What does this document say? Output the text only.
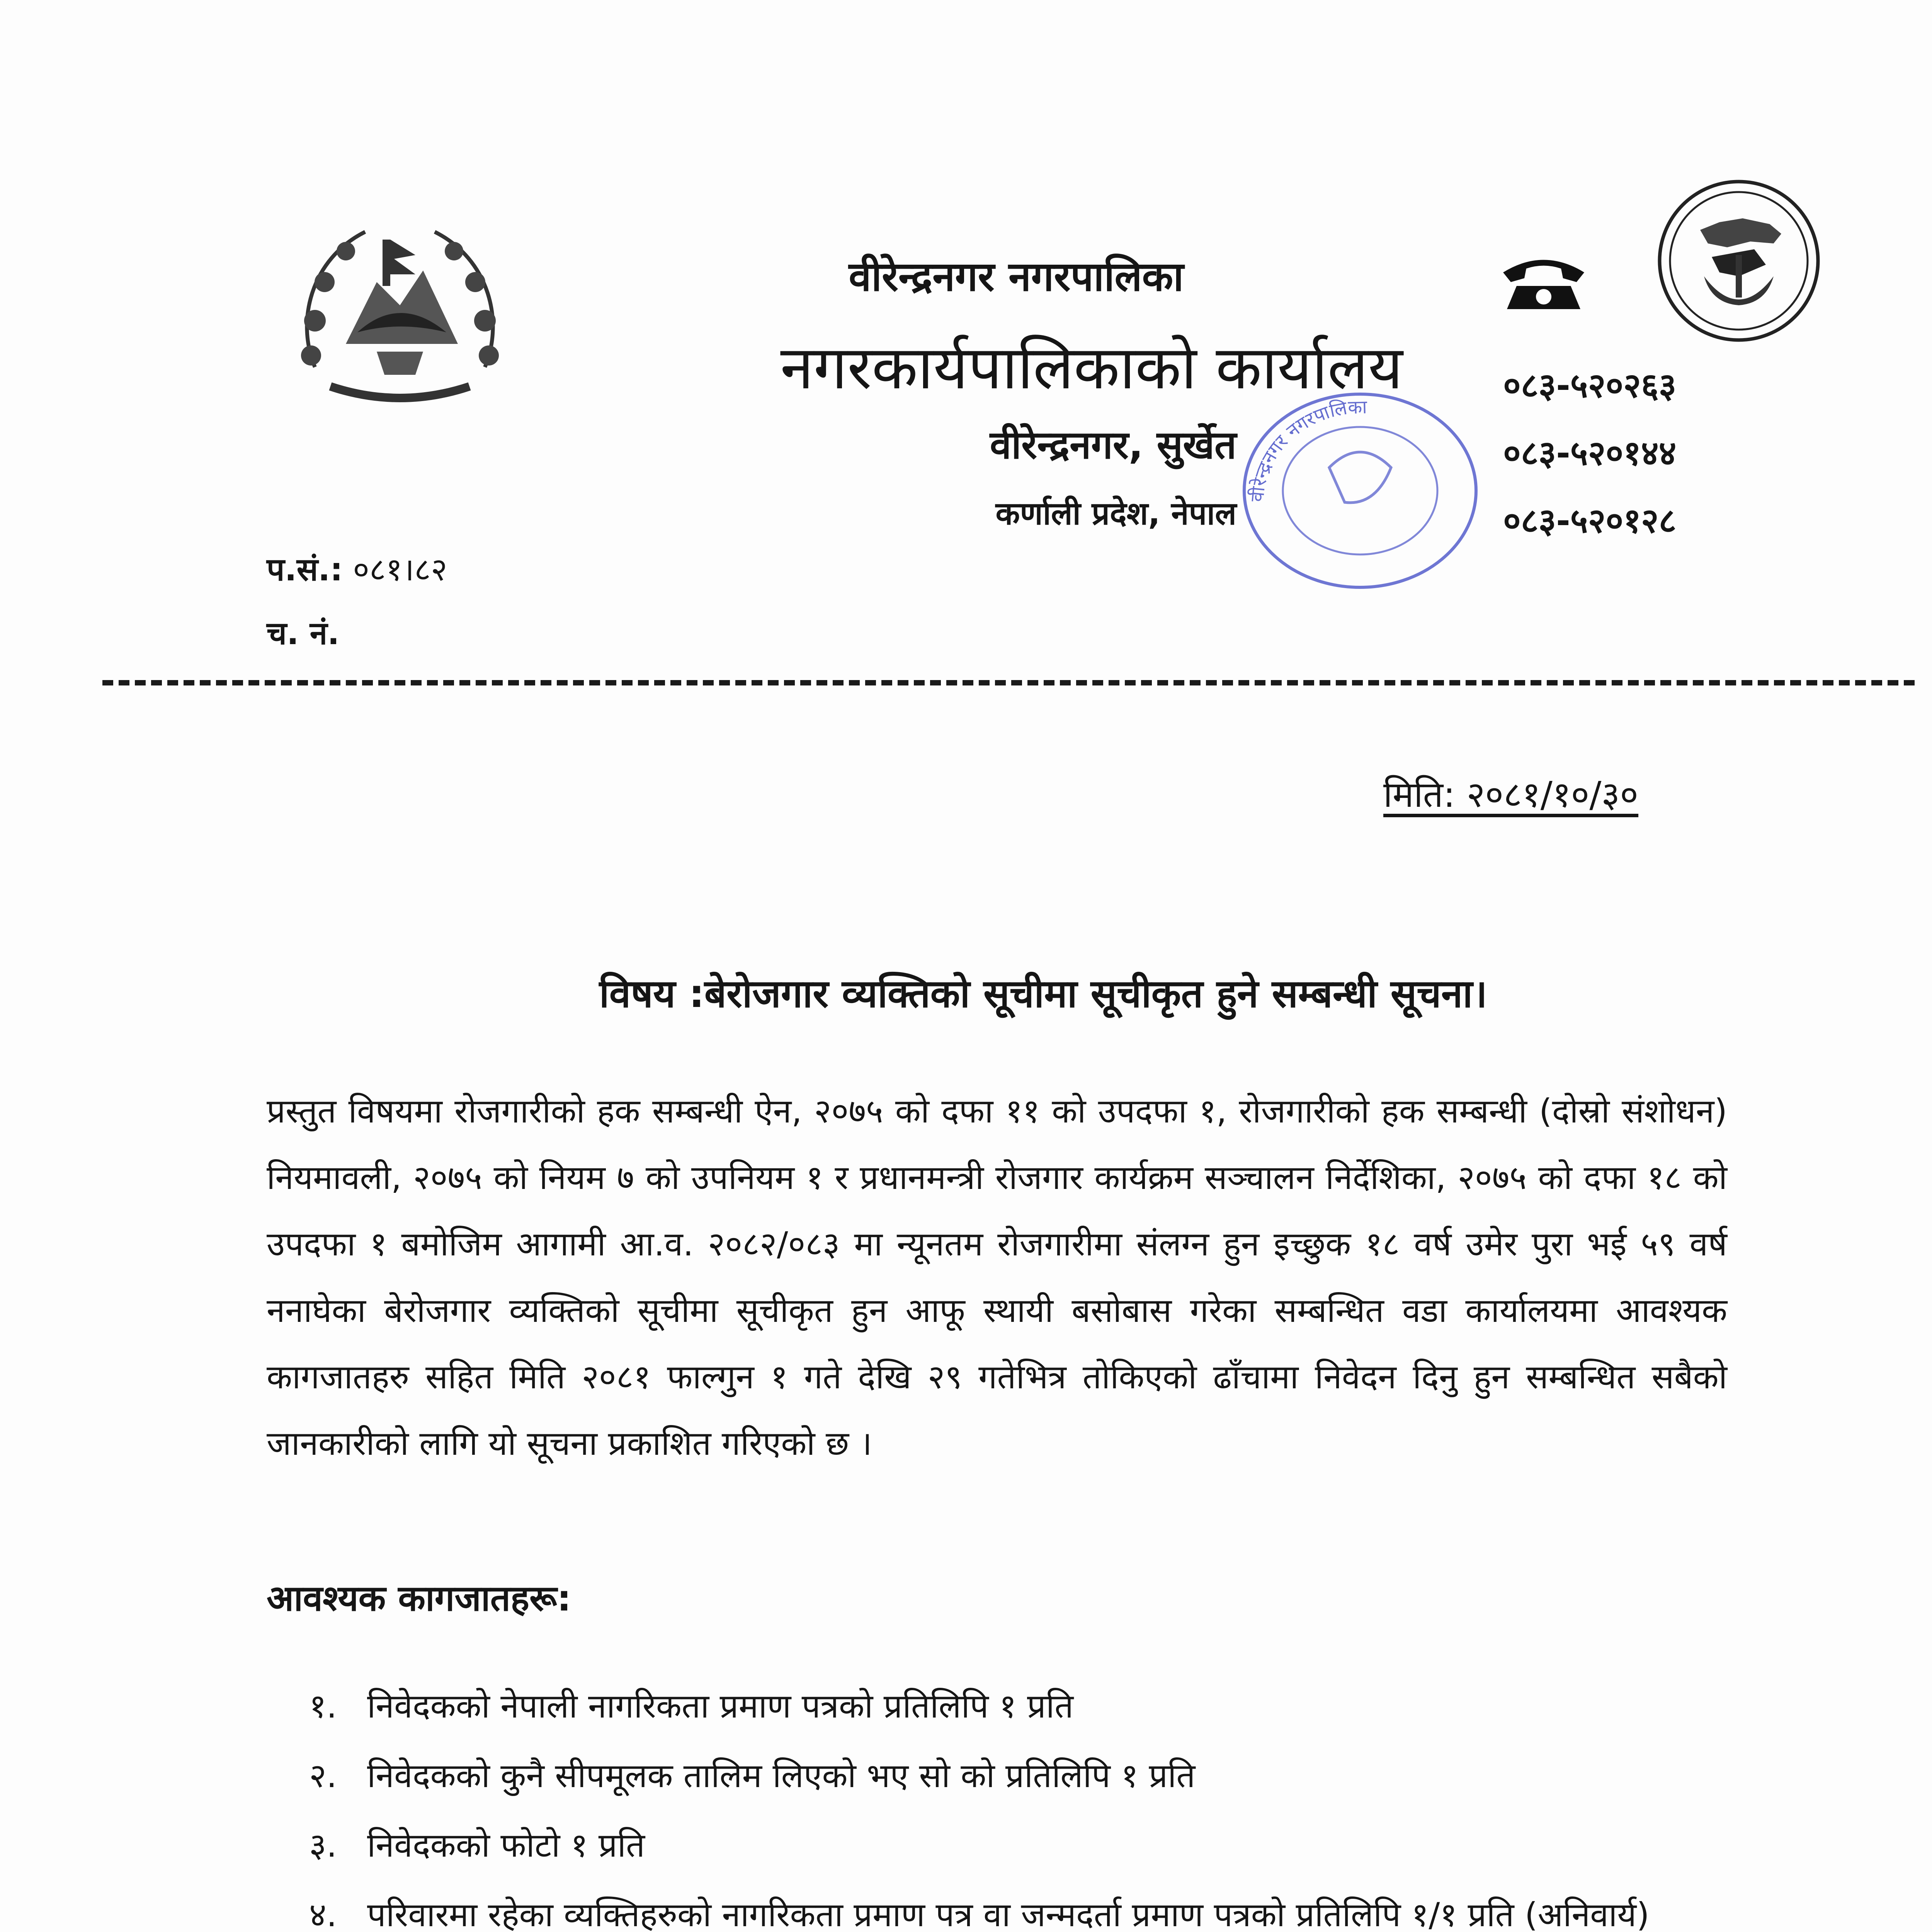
वीरेन्द्रनगर नगरपालिका
नगरकार्यपालिकाको कार्यालय
वीरेन्द्रनगर, सुर्खेत
कर्णाली प्रदेश, नेपाल
०८३-५२०२६३
०८३-५२०१४४
०८३-५२०१२८
वीरेन्द्रनगर नगरपालिका
प.सं.: ०८१।८२
च. नं.
मिति: २०८१/१०/३०
विषय :बेरोजगार व्यक्तिको सूचीमा सूचीकृत हुने सम्बन्धी सूचना।
प्रस्तुत विषयमा रोजगारीको हक सम्बन्धी ऐन, २०७५ को दफा ११ को उपदफा १, रोजगारीको हक सम्बन्धी (दोस्रो संशोधन) नियमावली, २०७५ को नियम ७ को उपनियम १ र प्रधानमन्त्री रोजगार कार्यक्रम सञ्चालन निर्देशिका, २०७५ को दफा १८ को उपदफा १ बमोजिम आगामी आ.व. २०८२/०८३ मा न्यूनतम रोजगारीमा संलग्न हुन इच्छुक १८ वर्ष उमेर पुरा भई ५९ वर्ष ननाघेका बेरोजगार व्यक्तिको सूचीमा सूचीकृत हुन आफू स्थायी बसोबास गरेका सम्बन्धित वडा कार्यालयमा आवश्यक कागजातहरु सहित मिति २०८१ फाल्गुन १ गते देखि २९ गतेभित्र तोकिएको ढाँचामा निवेदन दिनु हुन सम्बन्धित सबैको जानकारीको लागि यो सूचना प्रकाशित गरिएको छ ।
आवश्यक कागजातहरू:
१. निवेदकको नेपाली नागरिकता प्रमाण पत्रको प्रतिलिपि १ प्रति
२. निवेदकको कुनै सीपमूलक तालिम लिएको भए सो को प्रतिलिपि १ प्रति
३. निवेदकको फोटो १ प्रति
४. परिवारमा रहेका व्यक्तिहरुको नागरिकता प्रमाण पत्र वा जन्मदर्ता प्रमाण पत्रको प्रतिलिपि १/१ प्रति (अनिवार्य)
